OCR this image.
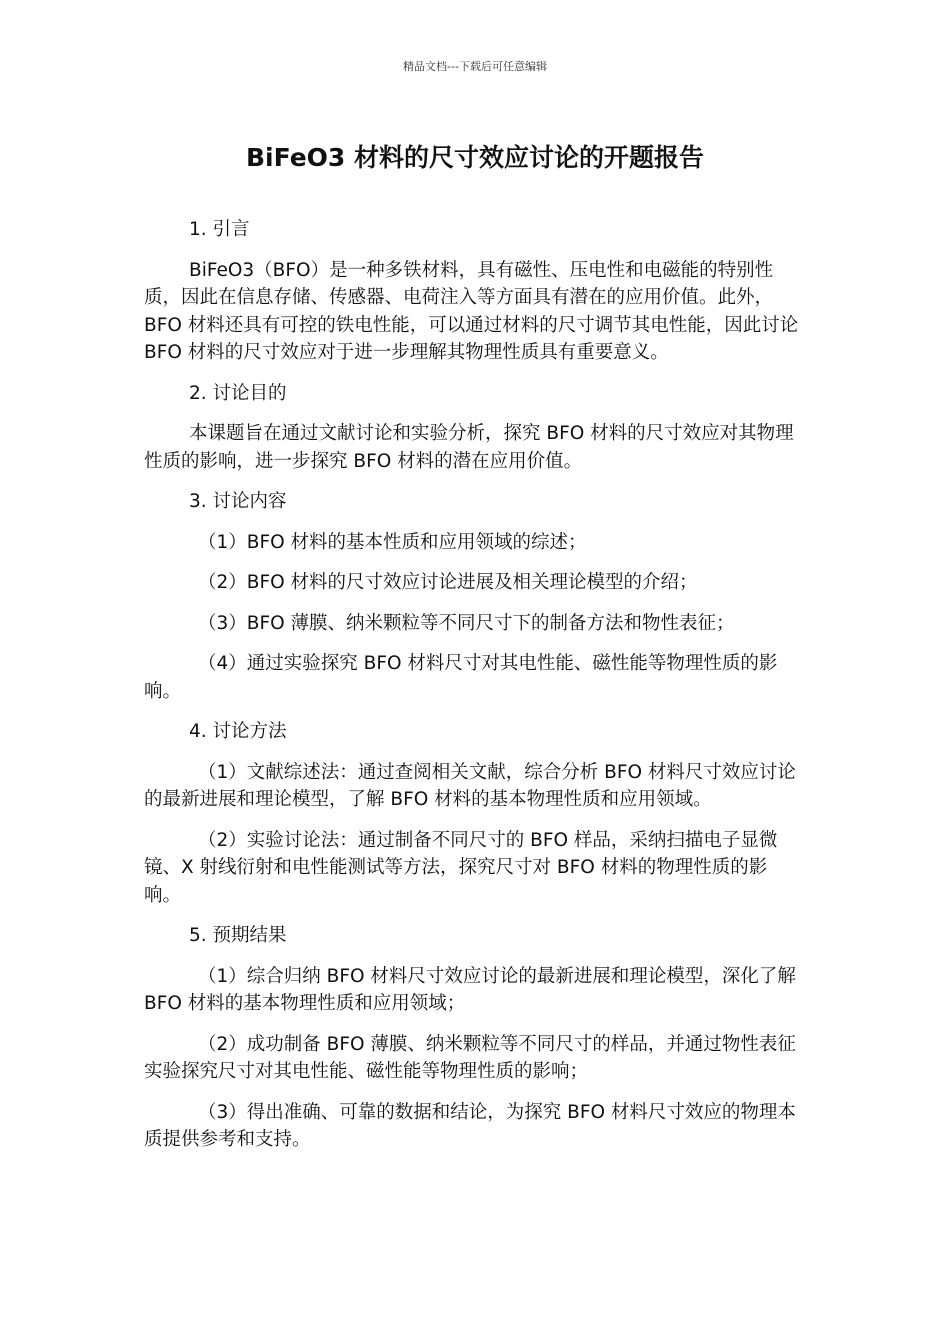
精品文档---下载后可任意编辑
BiFeO3 材料的尺寸效应讨论的开题报告

1. 引言

BiFeO3（BFO）是一种多铁材料，具有磁性、压电性和电磁能的特别性质，因此在信息存储、传感器、电荷注入等方面具有潜在的应用价值。此外，BFO 材料还具有可控的铁电性能，可以通过材料的尺寸调节其电性能，因此讨论 BFO 材料的尺寸效应对于进一步理解其物理性质具有重要意义。

2. 讨论目的

本课题旨在通过文献讨论和实验分析，探究 BFO 材料的尺寸效应对其物理性质的影响，进一步探究 BFO 材料的潜在应用价值。

3. 讨论内容

（1）BFO 材料的基本性质和应用领域的综述；

（2）BFO 材料的尺寸效应讨论进展及相关理论模型的介绍；

（3）BFO 薄膜、纳米颗粒等不同尺寸下的制备方法和物性表征；

（4）通过实验探究 BFO 材料尺寸对其电性能、磁性能等物理性质的影响。

4. 讨论方法

（1）文献综述法：通过查阅相关文献，综合分析 BFO 材料尺寸效应讨论的最新进展和理论模型，了解 BFO 材料的基本物理性质和应用领域。

（2）实验讨论法：通过制备不同尺寸的 BFO 样品，采纳扫描电子显微镜、X 射线衍射和电性能测试等方法，探究尺寸对 BFO 材料的物理性质的影响。

5. 预期结果

（1）综合归纳 BFO 材料尺寸效应讨论的最新进展和理论模型，深化了解 BFO 材料的基本物理性质和应用领域；

（2）成功制备 BFO 薄膜、纳米颗粒等不同尺寸的样品，并通过物性表征实验探究尺寸对其电性能、磁性能等物理性质的影响；

（3）得出准确、可靠的数据和结论，为探究 BFO 材料尺寸效应的物理本质提供参考和支持。
